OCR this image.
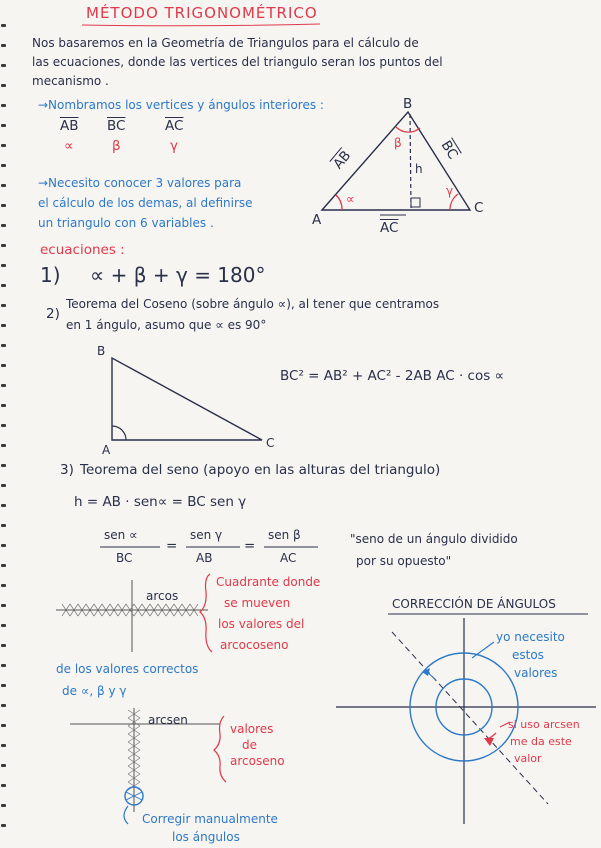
MÉTODO TRIGONOMÉTRICO
Nos basaremos en la Geometría de Triangulos para el cálculo de
las ecuaciones, donde las vertices del triangulo seran los puntos del
mecanismo .
→Nombramos los vertices y ángulos interiores :
$\overline{AB}$ $\overline{BC}$	$\overline{AC}$
∝	β	γ
→Necesito conocer 3 valores para
el cálculo de los demas, al definirse
un triangulo con 6 variables .
B
A
C
$\overline{AB}$	$\overline{BC}$
$\overline{AC}$
h
∝
β
γ
ecuaciones :
1) ∝ + β + γ = 180°
2)
Teorema del Coseno (sobre ángulo ∝), al tener que centramos
en 1 ángulo, asumo que ∝ es 90°
B
A	C
BC² = AB² + AC² - 2AB AC · cos ∝
3) Teorema del seno (apoyo en las alturas del triangulo)
h = AB · sen∝ = BC sen γ
sen ∝
BC
=
sen γ
AB
=
sen β
AC
"seno de un ángulo dividido
por su opuesto"
arcos
Cuadrante donde
se mueven
los valores del
arcocoseno
de los valores correctos
de ∝, β y γ
arcsen
valores
de
arcoseno
Corregir manualmente
los ángulos
CORRECCIÓN DE ÁNGULOS
yo necesito
estos
valores
si uso arcsen
me da este
valor
